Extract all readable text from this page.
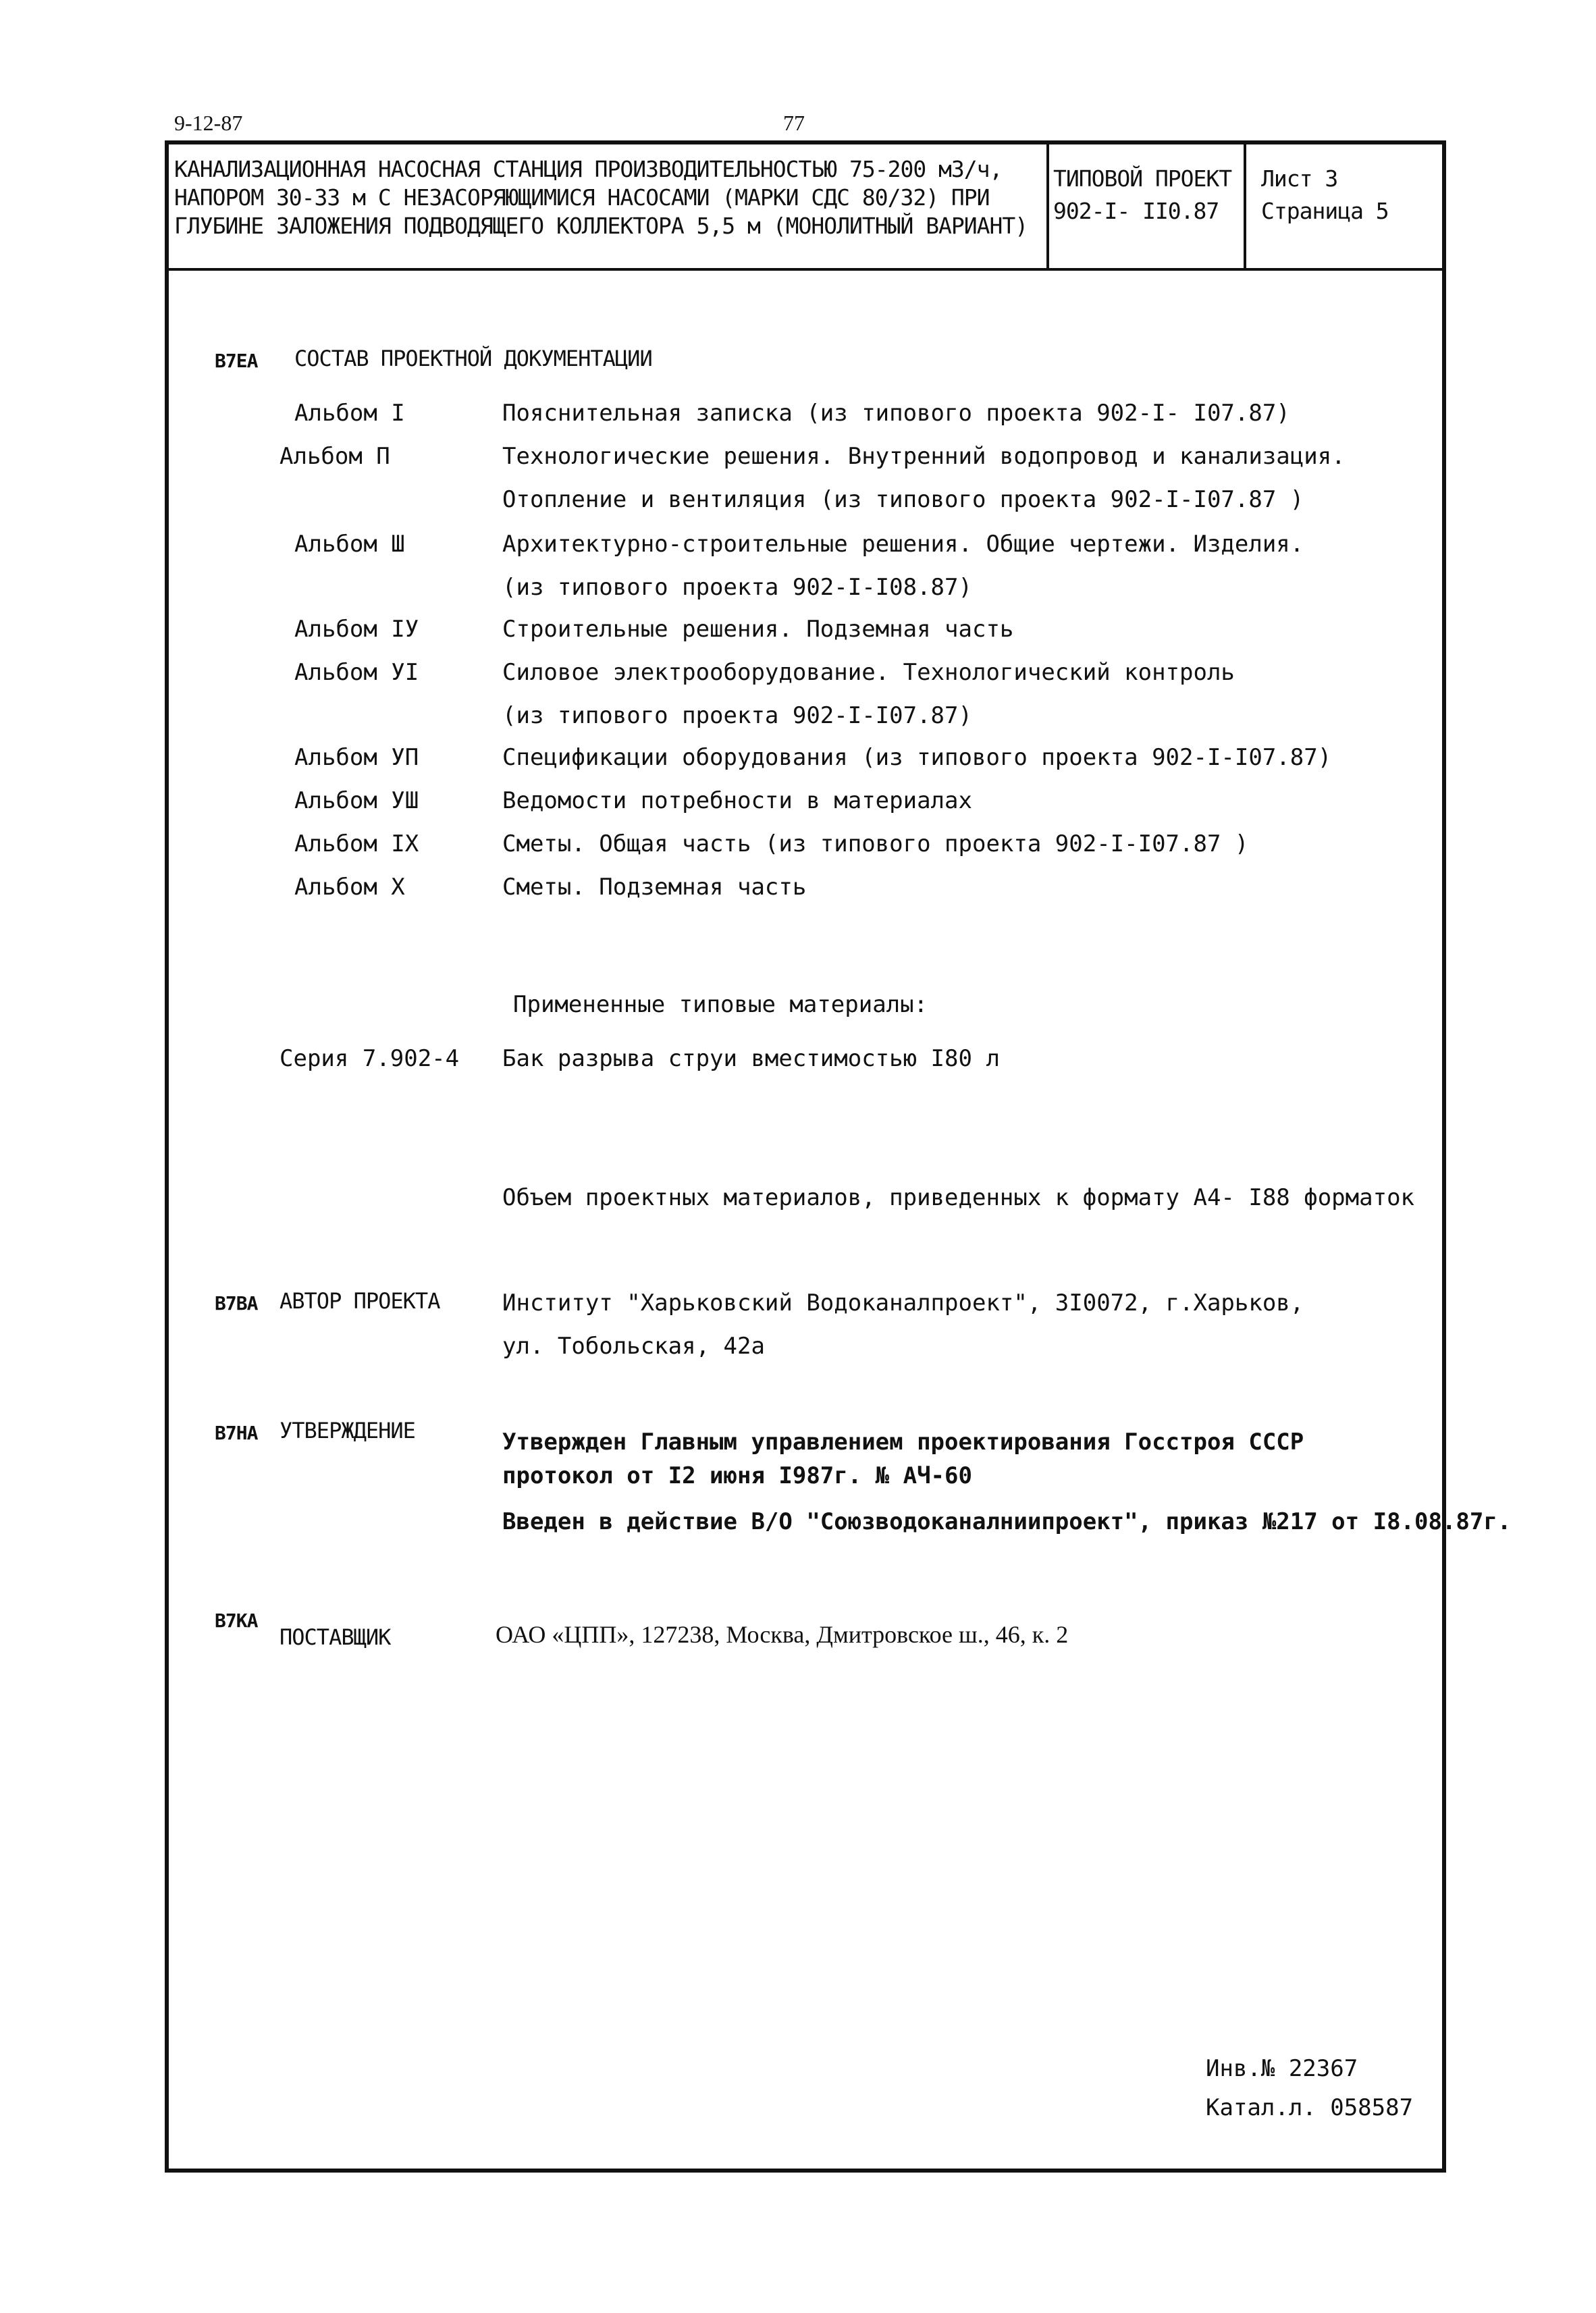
9-12-87	77
КАНАЛИЗАЦИОННАЯ НАСОСНАЯ СТАНЦИЯ ПРОИЗВОДИТЕЛЬНОСТЬЮ 75-200 м3/ч,
НАПОРОМ 30-33 м С НЕЗАСОРЯЮЩИМИСЯ НАСОСАМИ (МАРКИ СДС 80/32) ПРИ
ГЛУБИНЕ ЗАЛОЖЕНИЯ ПОДВОДЯЩЕГО КОЛЛЕКТОРА 5,5 м (МОНОЛИТНЫЙ ВАРИАНТ)
ТИПОВОЙ ПРОЕКТ
902-I- II0.87
Лист 3
Страница 5
В7ЕА СОСТАВ ПРОЕКТНОЙ ДОКУМЕНТАЦИИ
Альбом I	Пояснительная записка (из типового проекта 902-I- I07.87)
Альбом П	Технологические решения. Внутренний водопровод и канализация.
Отопление и вентиляция (из типового проекта 902-I-I07.87 )
Альбом Ш	Архитектурно-строительные решения. Общие чертежи. Изделия.
(из типового проекта 902-I-I08.87)
Альбом IУ	Строительные решения. Подземная часть
Альбом УI	Силовое электрооборудование. Технологический контроль
(из типового проекта 902-I-I07.87)
Альбом УП	Спецификации оборудования (из типового проекта 902-I-I07.87)
Альбом УШ	Ведомости потребности в материалах
Альбом IX	Сметы. Общая часть (из типового проекта 902-I-I07.87 )
Альбом X	Сметы. Подземная часть
Примененные типовые материалы:
Серия 7.902-4 Бак разрыва струи вместимостью I80 л
Объем проектных материалов, приведенных к формату А4- I88 форматок
В7ВА АВТОР ПРОЕКТА	Институт "Харьковский Водоканалпроект", 3I0072, г.Харьков,
ул. Тобольская, 42а
В7НА УТВЕРЖДЕНИЕ	Утвержден Главным управлением проектирования Госстроя СССР
протокол от I2 июня I987г. № АЧ-60
Введен в действие В/О "Союзводоканалниипроект", приказ №217 от I8.08.87г.
В7КА
ПОСТАВЩИК	ОАО «ЦПП», 127238, Москва, Дмитровское ш., 46, к. 2
Инв.№ 22367
Катал.л. 058587
